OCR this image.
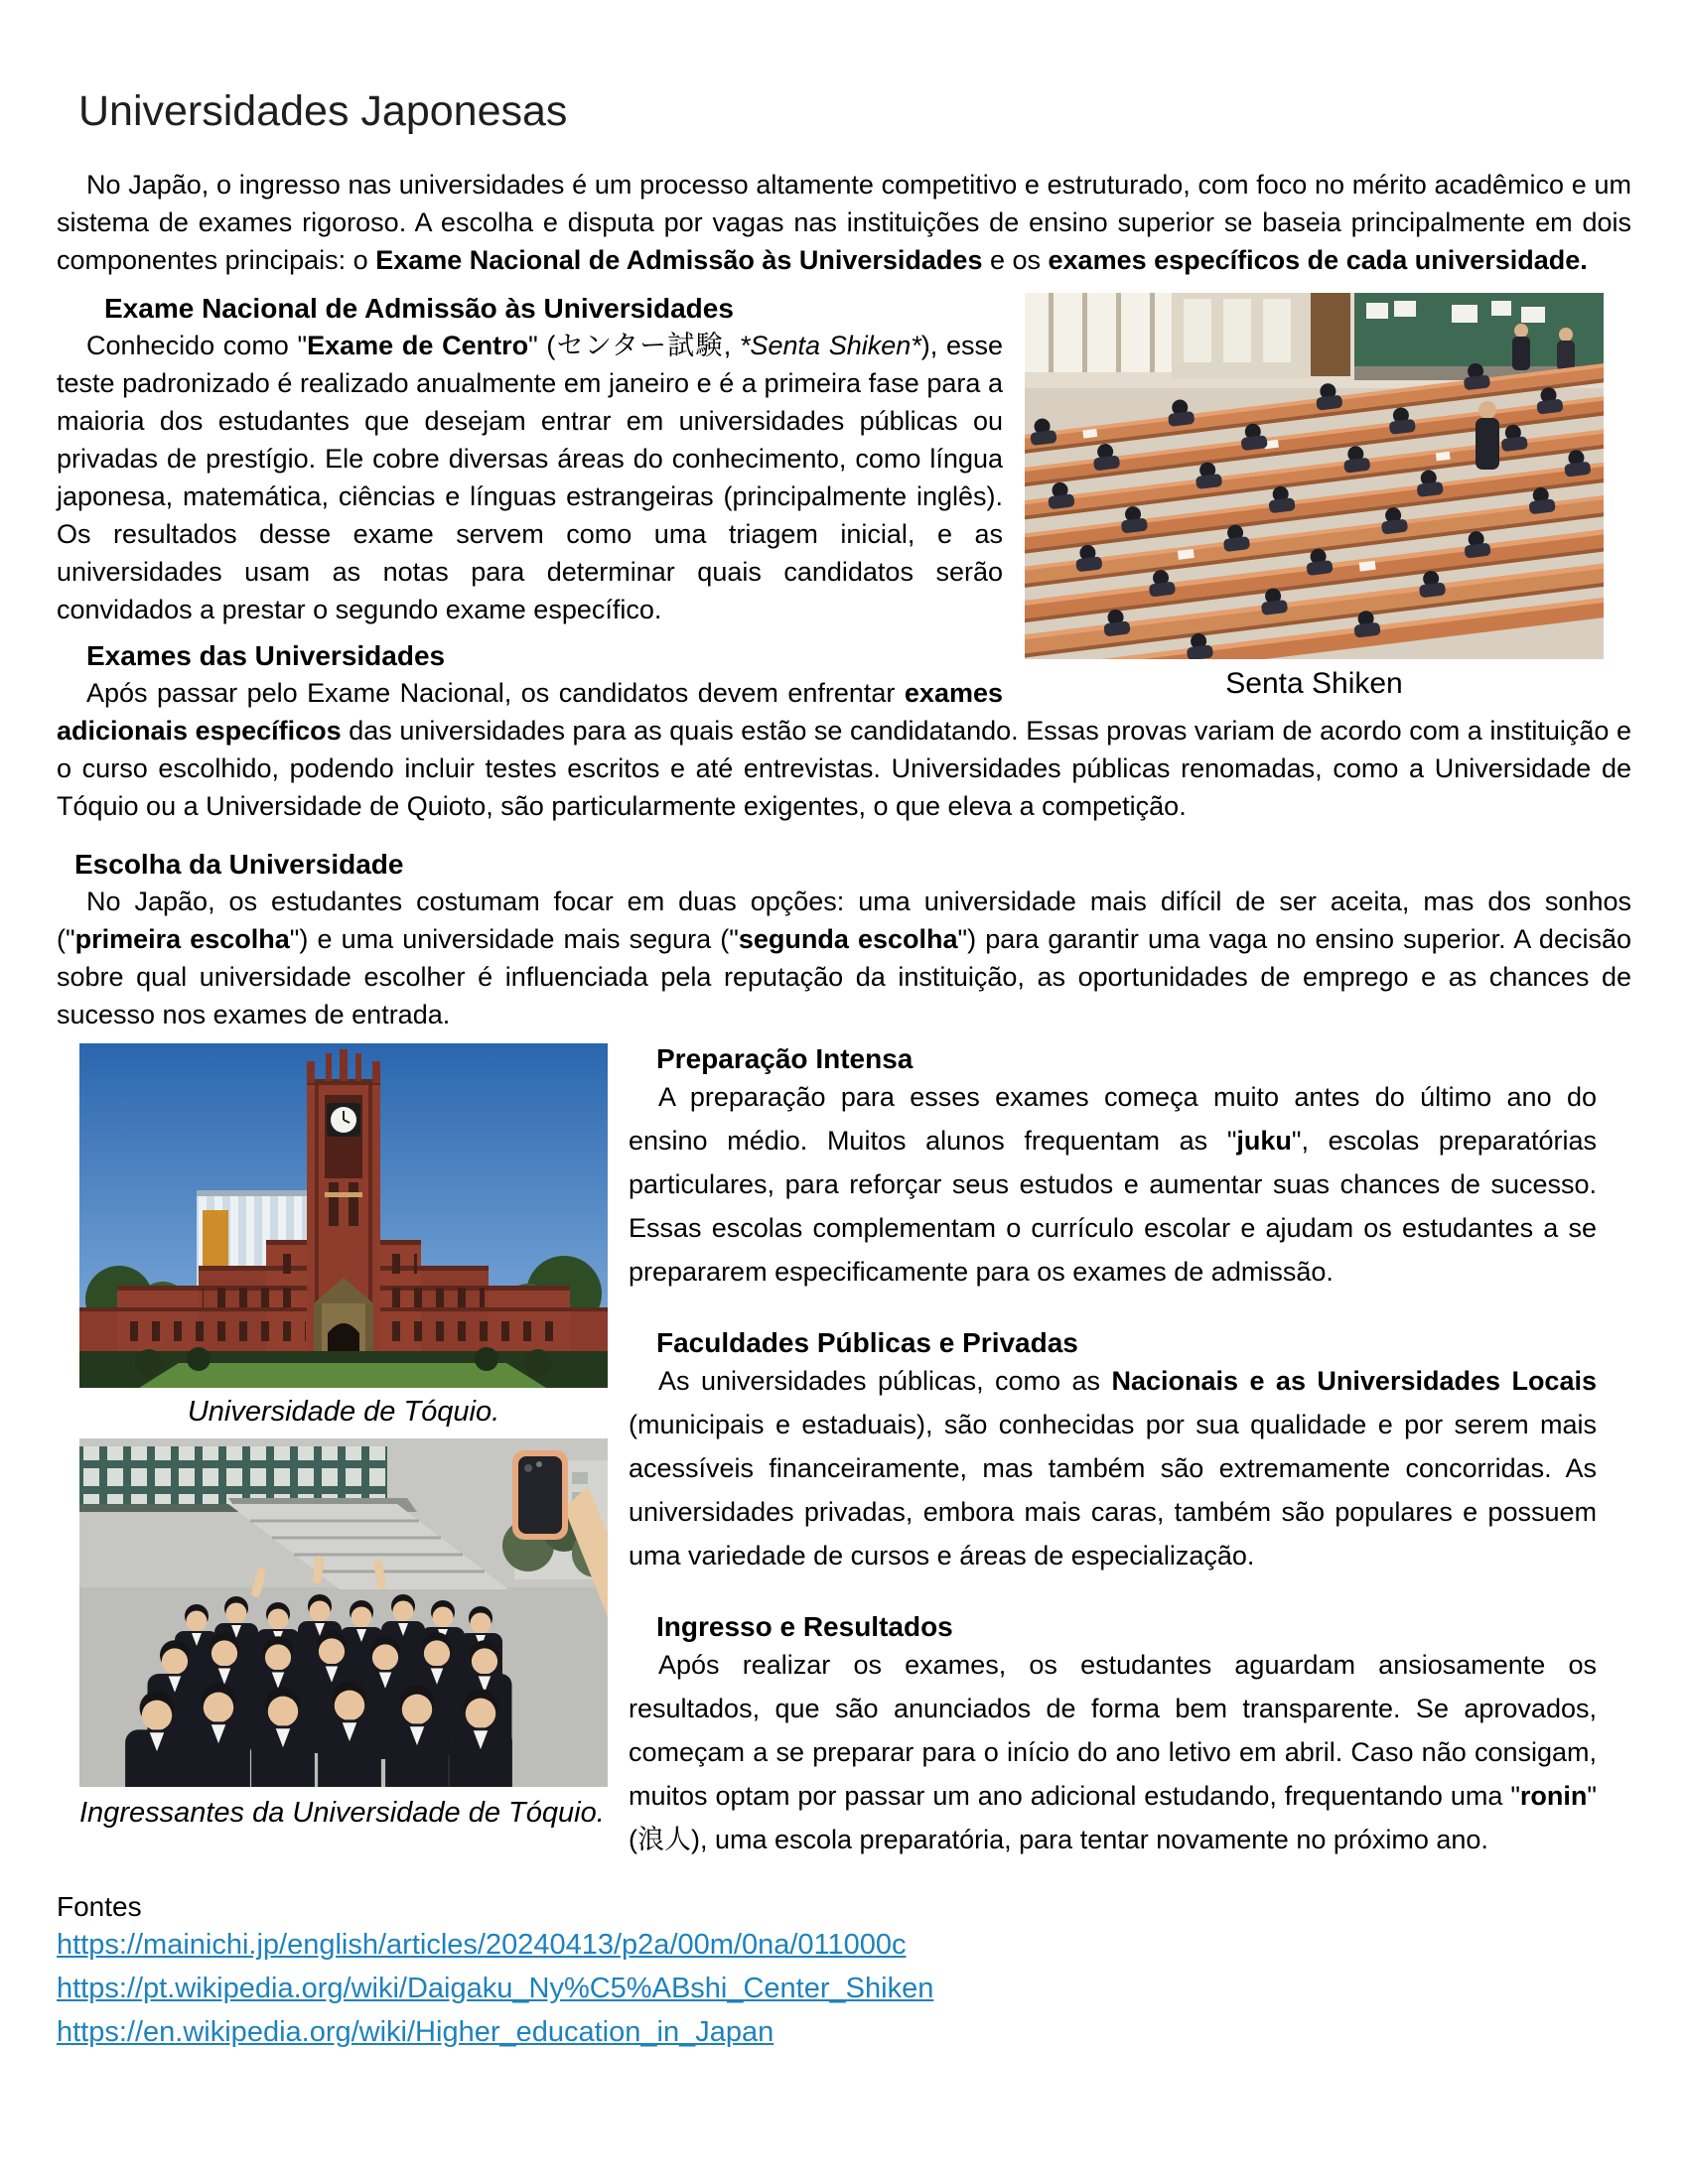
Universidades Japonesas

No Japão, o ingresso nas universidades é um processo altamente competitivo e estruturado, com foco no mérito acadêmico e um sistema de exames rigoroso. A escolha e disputa por vagas nas instituições de ensino superior se baseia principalmente em dois componentes principais: o Exame Nacional de Admissão às Universidades e os exames específicos de cada universidade.

Senta Shiken
Exame Nacional de Admissão às Universidades

Conhecido como "Exame de Centro" (センター試験, *Senta Shiken*), esse teste padronizado é realizado anualmente em janeiro e é a primeira fase para a maioria dos estudantes que desejam entrar em universidades públicas ou privadas de prestígio. Ele cobre diversas áreas do conhecimento, como língua japonesa, matemática, ciências e línguas estrangeiras (principalmente inglês). Os resultados desse exame servem como uma triagem inicial, e as universidades usam as notas para determinar quais candidatos serão convidados a prestar o segundo exame específico.

Exames das Universidades

Após passar pelo Exame Nacional, os candidatos devem enfrentar exames adicionais específicos das universidades para as quais estão se candidatando. Essas provas variam de acordo com a instituição e o curso escolhido, podendo incluir testes escritos e até entrevistas. Universidades públicas renomadas, como a Universidade de Tóquio ou a Universidade de Quioto, são particularmente exigentes, o que eleva a competição.

Escolha da Universidade

No Japão, os estudantes costumam focar em duas opções: uma universidade mais difícil de ser aceita, mas dos sonhos ("primeira escolha") e uma universidade mais segura ("segunda escolha") para garantir uma vaga no ensino superior. A decisão sobre qual universidade escolher é influenciada pela reputação da instituição, as oportunidades de emprego e as chances de sucesso nos exames de entrada.

Universidade de Tóquio.
Ingressantes da Universidade de Tóquio.
Preparação Intensa

A preparação para esses exames começa muito antes do último ano do ensino médio. Muitos alunos frequentam as "juku", escolas preparatórias particulares, para reforçar seus estudos e aumentar suas chances de sucesso. Essas escolas complementam o currículo escolar e ajudam os estudantes a se prepararem especificamente para os exames de admissão.

Faculdades Públicas e Privadas

As universidades públicas, como as Nacionais e as Universidades Locais (municipais e estaduais), são conhecidas por sua qualidade e por serem mais acessíveis financeiramente, mas também são extremamente concorridas. As universidades privadas, embora mais caras, também são populares e possuem uma variedade de cursos e áreas de especialização.

Ingresso e Resultados

Após realizar os exames, os estudantes aguardam ansiosamente os resultados, que são anunciados de forma bem transparente. Se aprovados, começam a se preparar para o início do ano letivo em abril. Caso não consigam, muitos optam por passar um ano adicional estudando, frequentando uma "ronin" (浪人), uma escola preparatória, para tentar novamente no próximo ano.

Fontes
https://mainichi.jp/english/articles/20240413/p2a/00m/0na/011000c
https://pt.wikipedia.org/wiki/Daigaku_Ny%C5%ABshi_Center_Shiken
https://en.wikipedia.org/wiki/Higher_education_in_Japan
